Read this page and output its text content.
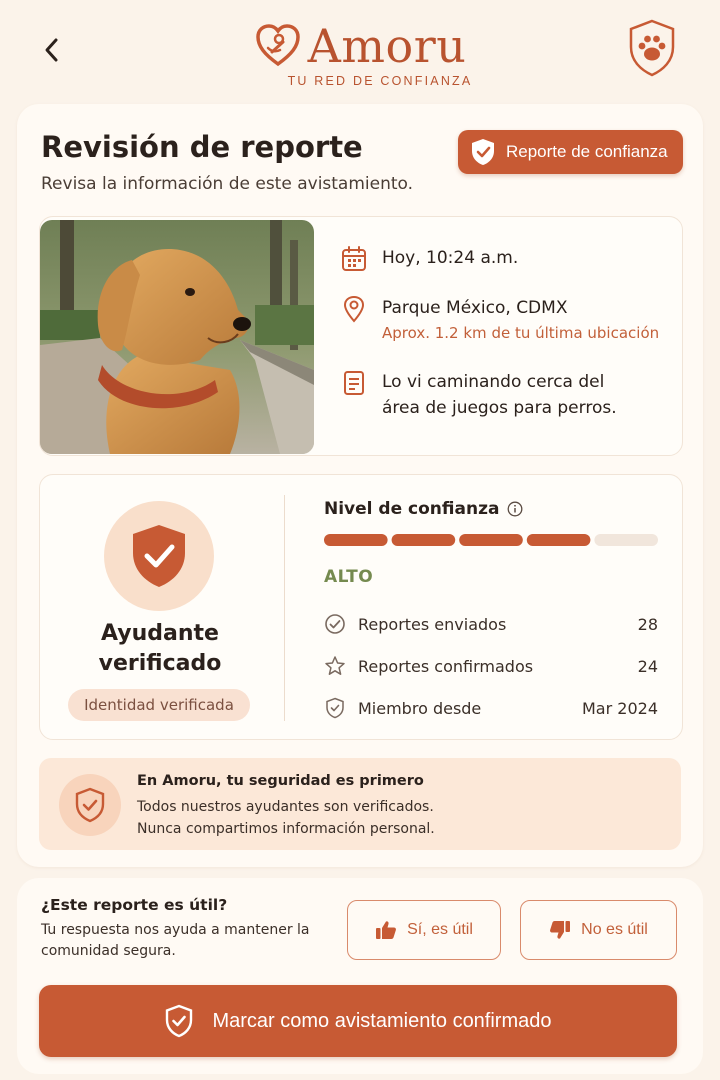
Amoru
TU RED DE CONFIANZA
Revisión de reporte
Revisa la información de este avistamiento.
Reporte de confianza
Hoy, 10:24 a.m.
Parque México, CDMX
Aprox. 1.2 km de tu última ubicación
Lo vi caminando cerca del área de juegos para perros.
Ayudante verificado
Identidad verificada
Nivel de confianza
ALTO
Reportes enviados	28
Reportes confirmados	24
Miembro desde	Mar 2024
En Amoru, tu seguridad es primero
Todos nuestros ayudantes son verificados.
Nunca compartimos información personal.
¿Este reporte es útil?
Tu respuesta nos ayuda a mantener la comunidad segura.
Sí, es útil	No es útil
Marcar como avistamiento confirmado
